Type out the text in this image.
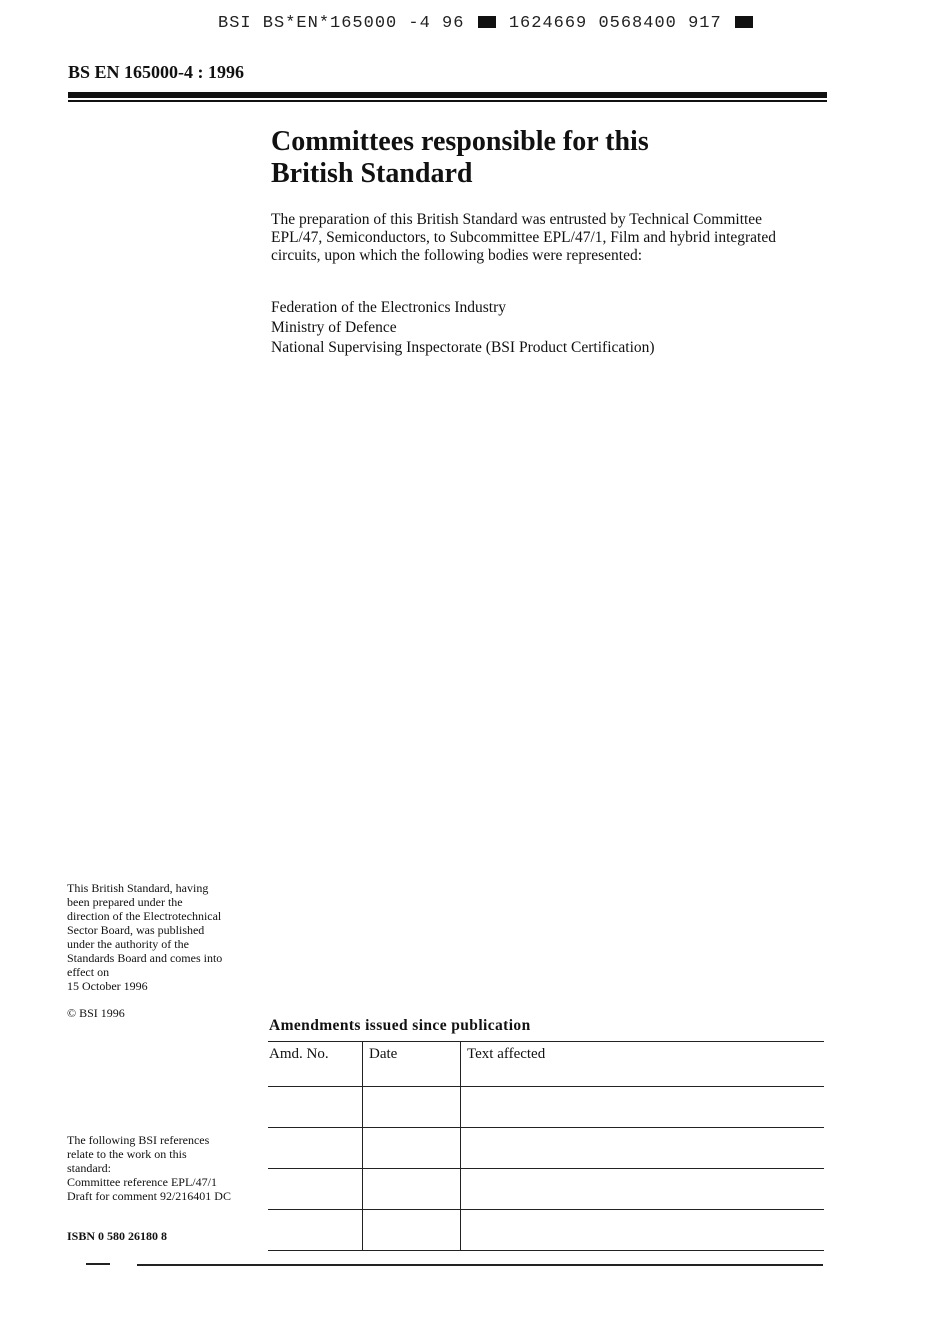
BSI BS*EN*165000 -4 96	1624669 0568400 917
BS EN 165000-4 : 1996
Committees responsible for this
British Standard
The preparation of this British Standard was entrusted by Technical Committee
EPL/47, Semiconductors, to Subcommittee EPL/47/1, Film and hybrid integrated
circuits, upon which the following bodies were represented:
Federation of the Electronics Industry
Ministry of Defence
National Supervising Inspectorate (BSI Product Certification)
This British Standard, having
been prepared under the
direction of the Electrotechnical
Sector Board, was published
under the authority of the
Standards Board and comes into
effect on
15 October 1996
© BSI 1996
The following BSI references
relate to the work on this
standard:
Committee reference EPL/47/1
Draft for comment 92/216401 DC
ISBN 0 580 26180 8
Amendments issued since publication
Amd. No.	Date	Text affected
